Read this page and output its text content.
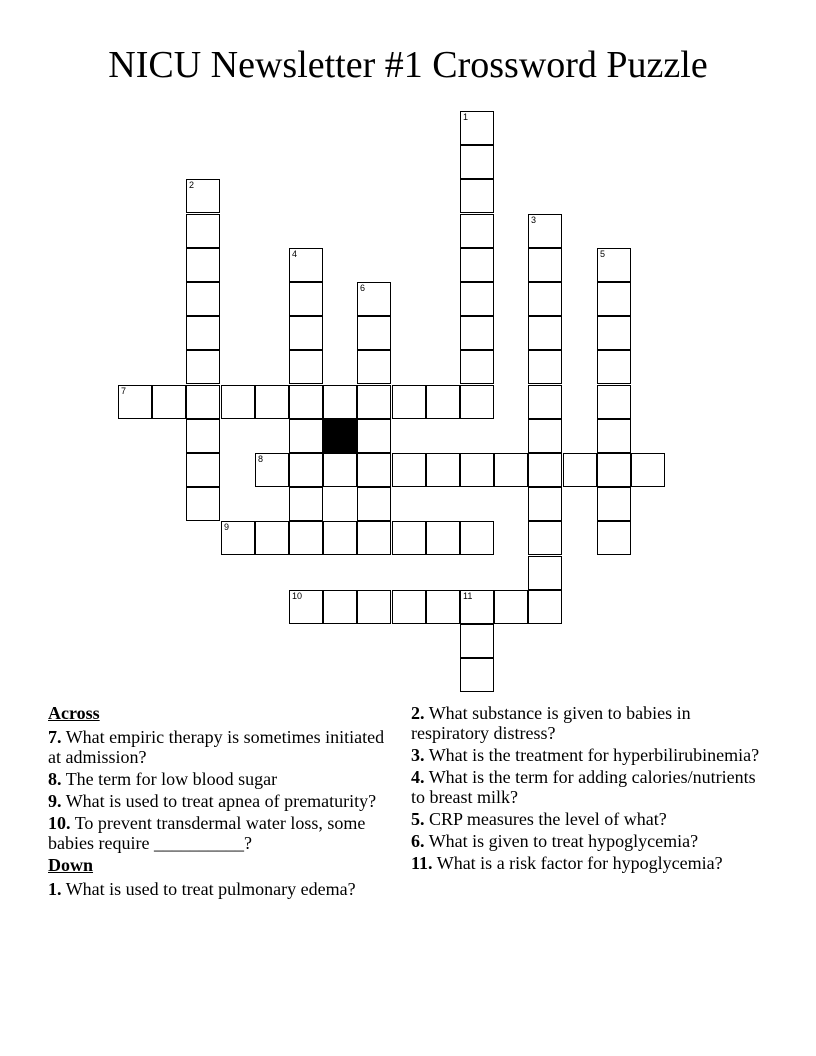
NICU Newsletter #1 Crossword Puzzle
1
2
3
4	5
6
7
8
9
10	11
Across
7. What empiric therapy is sometimes initiated at admission?
8. The term for low blood sugar
9. What is used to treat apnea of prematurity?
10. To prevent transdermal water loss, some babies require __________?
Down
1. What is used to treat pulmonary edema?
2. What substance is given to babies in respiratory distress?
3. What is the treatment for hyperbilirubinemia?
4. What is the term for adding calories/nutrients to breast milk?
5. CRP measures the level of what?
6. What is given to treat hypoglycemia?
11. What is a risk factor for hypoglycemia?
